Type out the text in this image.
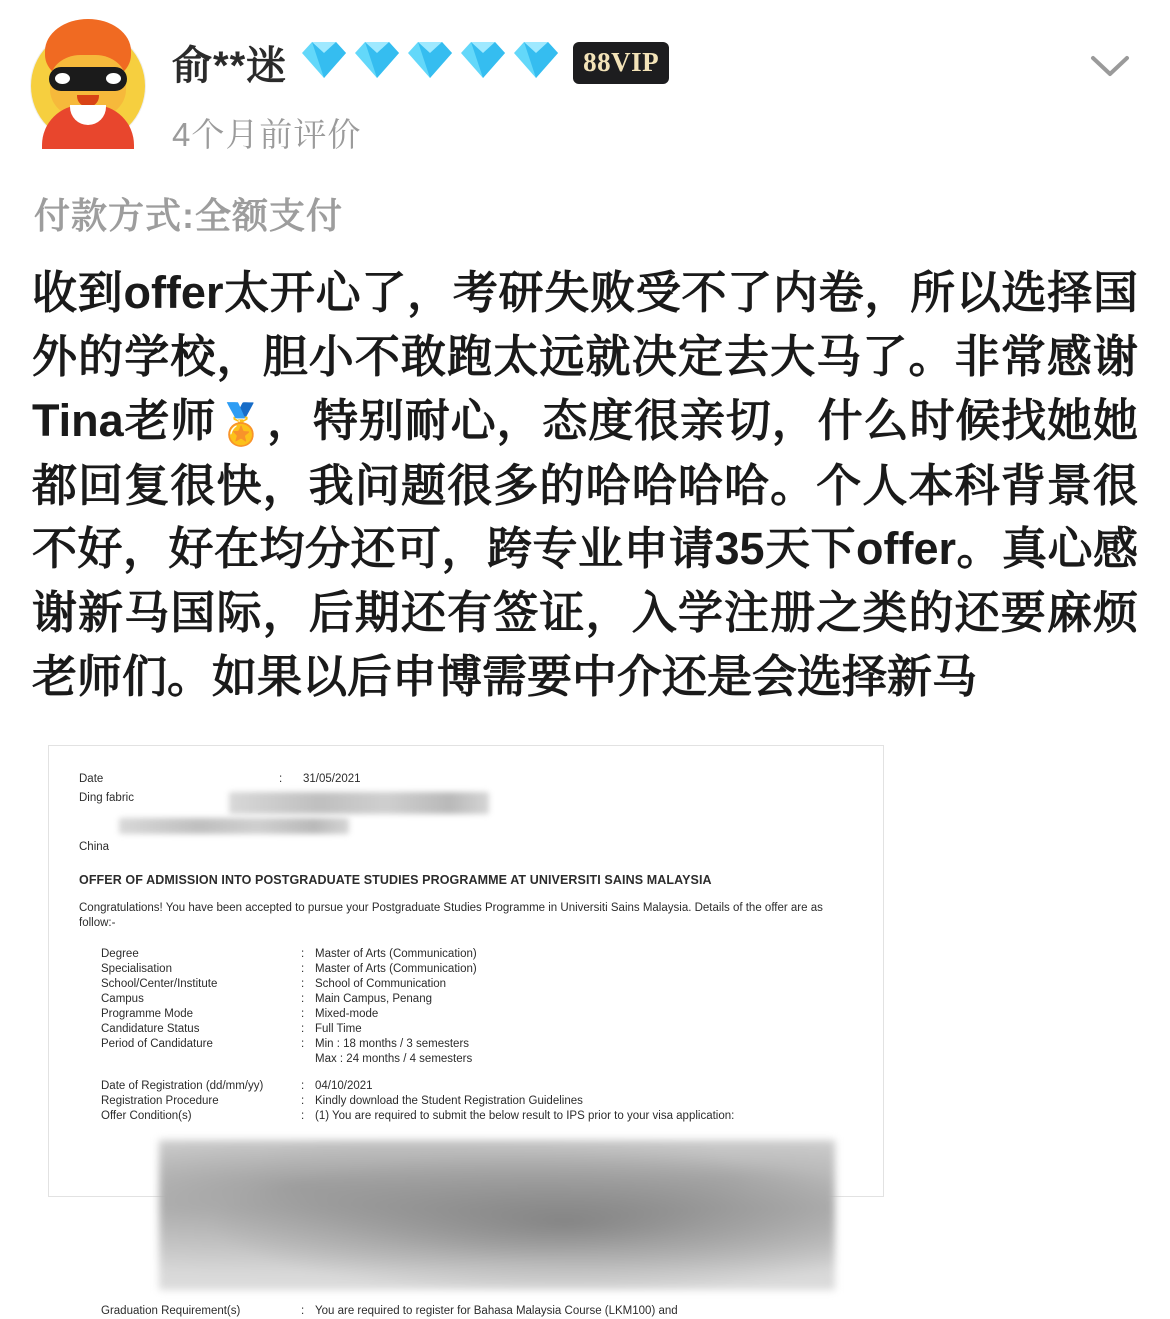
俞**迷	88VIP
4个月前评价
付款方式:全额支付
收到offer太开心了，考研失败受不了内卷，所以选择国外的学校，胆小不敢跑太远就决定去大马了。非常感谢Tina老师🏅，特别耐心，态度很亲切，什么时候找她她都回复很快，我问题很多的哈哈哈哈。个人本科背景很不好，好在均分还可，跨专业申请35天下offer。真心感谢新马国际，后期还有签证，入学注册之类的还要麻烦老师们。如果以后申博需要中介还是会选择新马
Date	:	31/05/2021
Ding fabric
China
OFFER OF ADMISSION INTO POSTGRADUATE STUDIES PROGRAMME AT UNIVERSITI SAINS MALAYSIA
Congratulations! You have been accepted to pursue your Postgraduate Studies Programme in Universiti Sains Malaysia. Details of the offer are as follow:-
Degree	: Master of Arts (Communication)
Specialisation	: Master of Arts (Communication)
School/Center/Institute	: School of Communication
Campus	: Main Campus, Penang
Programme Mode	: Mixed-mode
Candidature Status	: Full Time
Period of Candidature	: Min : 18 months / 3 semesters

Max : 24 months / 4 semesters
Date of Registration (dd/mm/yy)	: 04/10/2021
Registration Procedure	: Kindly download the Student Registration Guidelines
Offer Condition(s)	: (1) You are required to submit the below result to IPS prior to your visa application:
Graduation Requirement(s)	: You are required to register for Bahasa Malaysia Course (LKM100) and
